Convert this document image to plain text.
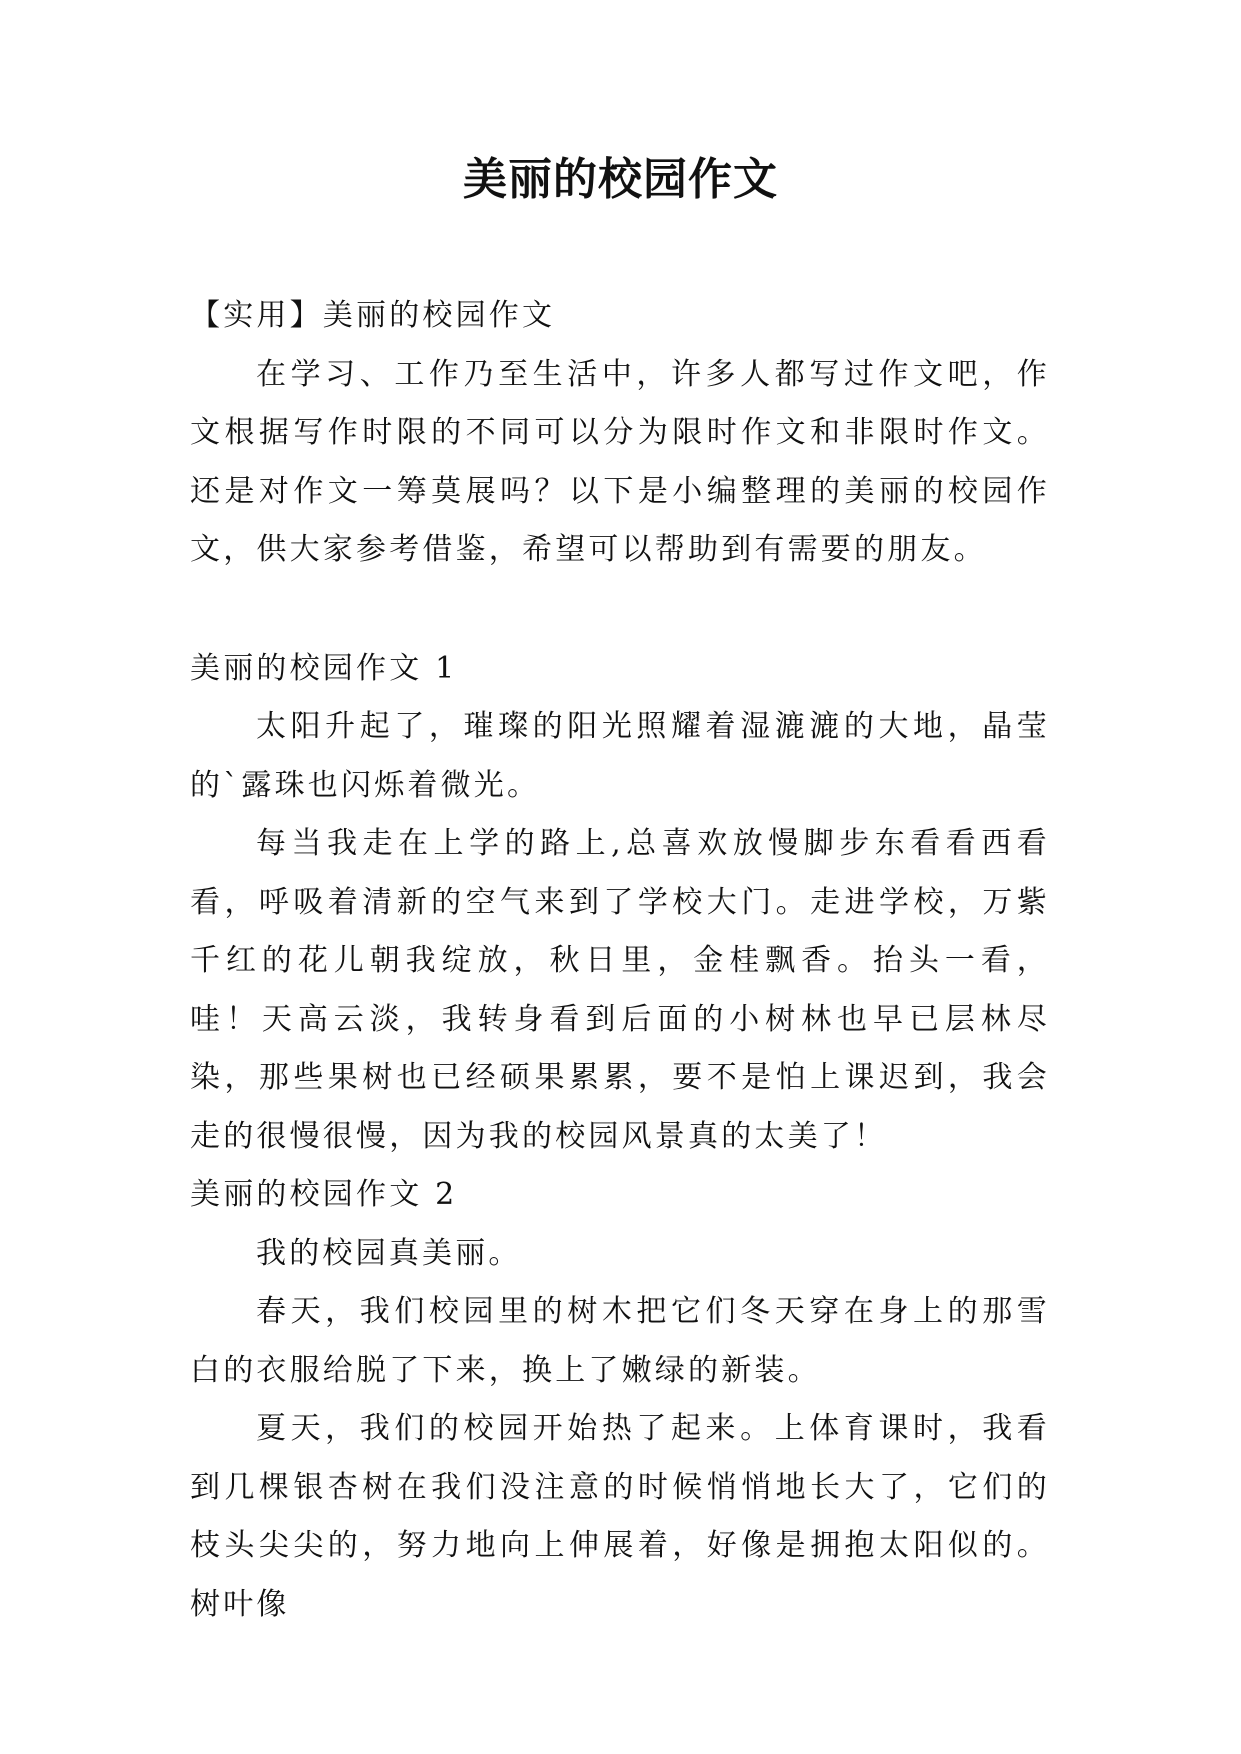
美丽的校园作文

【实用】美丽的校园作文

在学习、工作乃至生活中，许多人都写过作文吧，作文根据写作时限的不同可以分为限时作文和非限时作文。还是对作文一筹莫展吗？以下是小编整理的美丽的校园作文，供大家参考借鉴，希望可以帮助到有需要的朋友。

美丽的校园作文 1

太阳升起了，璀璨的阳光照耀着湿漉漉的大地，晶莹的`露珠也闪烁着微光。

每当我走在上学的路上,总喜欢放慢脚步东看看西看看，呼吸着清新的空气来到了学校大门。走进学校，万紫千红的花儿朝我绽放，秋日里，金桂飘香。抬头一看，哇！天高云淡，我转身看到后面的小树林也早已层林尽染，那些果树也已经硕果累累，要不是怕上课迟到，我会走的很慢很慢，因为我的校园风景真的太美了！

美丽的校园作文 2

我的校园真美丽。

春天，我们校园里的树木把它们冬天穿在身上的那雪白的衣服给脱了下来，换上了嫩绿的新装。

夏天，我们的校园开始热了起来。上体育课时，我看到几棵银杏树在我们没注意的时候悄悄地长大了，它们的枝头尖尖的，努力地向上伸展着，好像是拥抱太阳似的。树叶像
